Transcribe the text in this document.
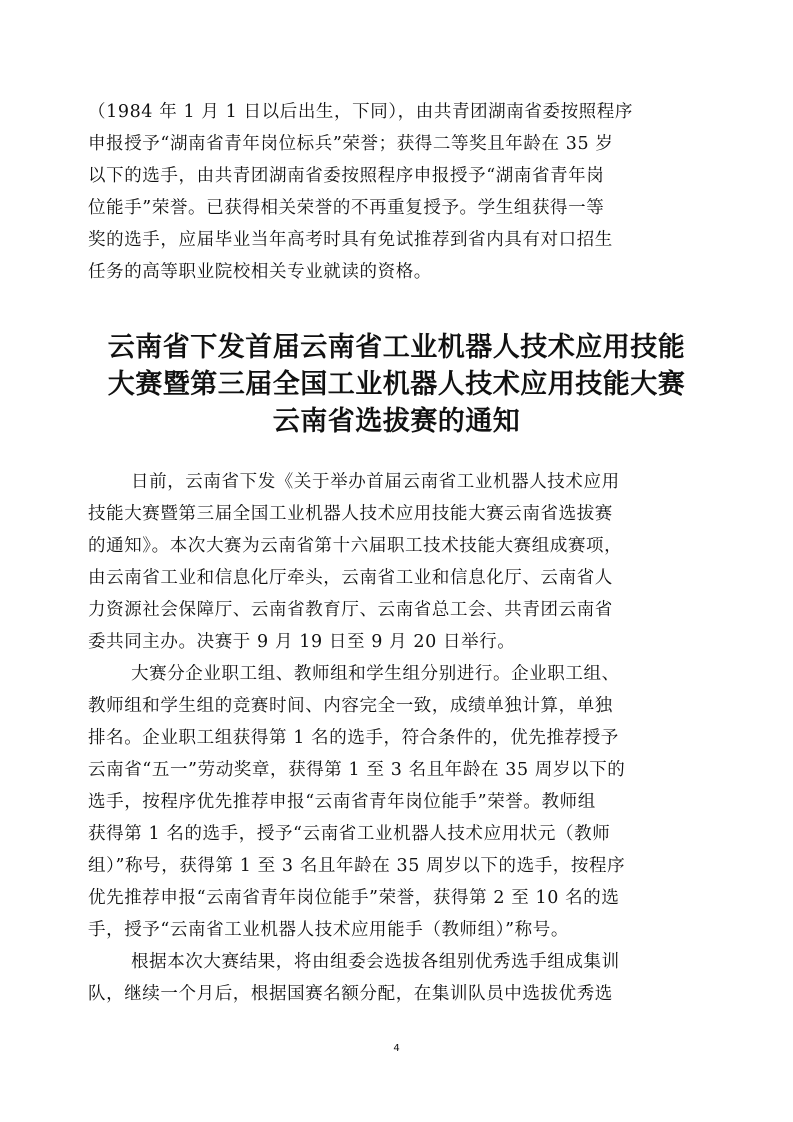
（1984 年 1 月 1 日以后出生，下同），由共青团湖南省委按照程序
申报授予“湖南省青年岗位标兵”荣誉；获得二等奖且年龄在 35 岁
以下的选手，由共青团湖南省委按照程序申报授予“湖南省青年岗
位能手”荣誉。已获得相关荣誉的不再重复授予。学生组获得一等
奖的选手，应届毕业当年高考时具有免试推荐到省内具有对口招生
任务的高等职业院校相关专业就读的资格。
云南省下发首届云南省工业机器人技术应用技能
大赛暨第三届全国工业机器人技术应用技能大赛
云南省选拔赛的通知
日前，云南省下发《关于举办首届云南省工业机器人技术应用
技能大赛暨第三届全国工业机器人技术应用技能大赛云南省选拔赛
的通知》。本次大赛为云南省第十六届职工技术技能大赛组成赛项，
由云南省工业和信息化厅牵头，云南省工业和信息化厅、云南省人
力资源社会保障厅、云南省教育厅、云南省总工会、共青团云南省
委共同主办。决赛于 9 月 19 日至 9 月 20 日举行。
大赛分企业职工组、教师组和学生组分别进行。企业职工组、
教师组和学生组的竞赛时间、内容完全一致，成绩单独计算，单独
排名。企业职工组获得第 1 名的选手，符合条件的，优先推荐授予
云南省“五一”劳动奖章，获得第 1 至 3 名且年龄在 35 周岁以下的
选手，按程序优先推荐申报“云南省青年岗位能手”荣誉。教师组
获得第 1 名的选手，授予“云南省工业机器人技术应用状元（教师
组）”称号，获得第 1 至 3 名且年龄在 35 周岁以下的选手，按程序
优先推荐申报“云南省青年岗位能手”荣誉，获得第 2 至 10 名的选
手，授予“云南省工业机器人技术应用能手（教师组）”称号。
根据本次大赛结果，将由组委会选拔各组别优秀选手组成集训
队，继续一个月后，根据国赛名额分配，在集训队员中选拔优秀选
4
